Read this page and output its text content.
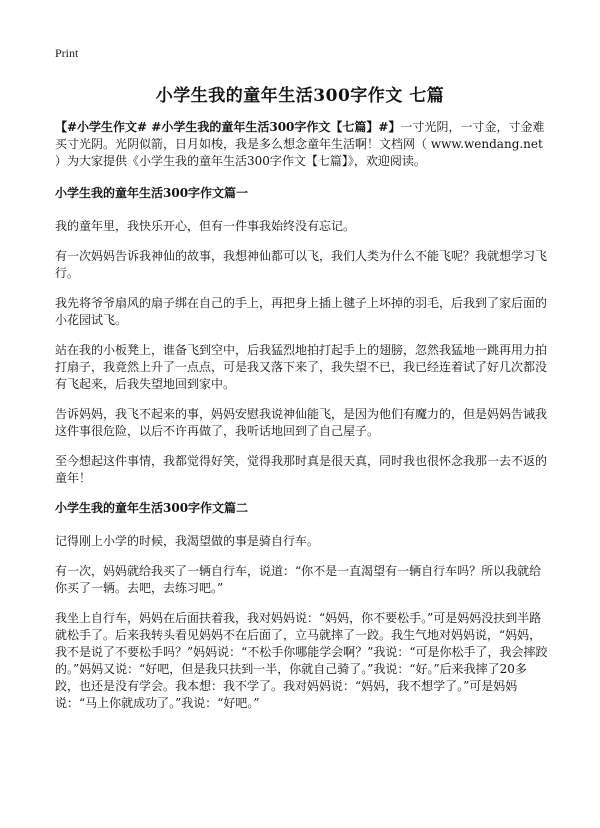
Print
小学生我的童年生活300字作文 七篇

【#小学生作文# #小学生我的童年生活300字作文【七篇】#】一寸光阴，一寸金，寸金难买寸光阴。光阴似箭，日月如梭，我是多么想念童年生活啊！文档网（ www.wendang.net ）为大家提供《小学生我的童年生活300字作文【七篇】》，欢迎阅读。

小学生我的童年生活300字作文篇一

我的童年里，我快乐开心，但有一件事我始终没有忘记。

有一次妈妈告诉我神仙的故事，我想神仙都可以飞，我们人类为什么不能飞呢？我就想学习飞行。

我先将爷爷扇风的扇子绑在自己的手上，再把身上插上毽子上坏掉的羽毛，后我到了家后面的小花园试飞。

站在我的小板凳上，谁备飞到空中，后我猛烈地拍打起手上的翅膀，忽然我猛地一跳再用力拍打扇子，我竟然上升了一点点，可是我又落下来了，我失望不已，我已经连着试了好几次都没有飞起来，后我失望地回到家中。

告诉妈妈，我飞不起来的事，妈妈安慰我说神仙能飞，是因为他们有魔力的，但是妈妈告诫我这件事很危险，以后不许再做了，我听话地回到了自己屋子。

至今想起这件事情，我都觉得好笑，觉得我那时真是很天真，同时我也很怀念我那一去不返的童年！

小学生我的童年生活300字作文篇二

记得刚上小学的时候，我渴望做的事是骑自行车。

有一次，妈妈就给我买了一辆自行车，说道：“你不是一直渴望有一辆自行车吗？所以我就给你买了一辆。去吧，去练习吧。”

我坐上自行车，妈妈在后面扶着我，我对妈妈说：“妈妈，你不要松手。”可是妈妈没扶到半路就松手了。后来我转头看见妈妈不在后面了，立马就摔了一跤。我生气地对妈妈说，“妈妈，我不是说了不要松手吗？”妈妈说：“不松手你哪能学会啊？”我说：“可是你松手了，我会摔跤的。”妈妈又说：“好吧，但是我只扶到一半，你就自己骑了。”我说：“好。”后来我摔了20多跤，也还是没有学会。我本想：我不学了。我对妈妈说：“妈妈，我不想学了。”可是妈妈说：“马上你就成功了。”我说：“好吧。”
